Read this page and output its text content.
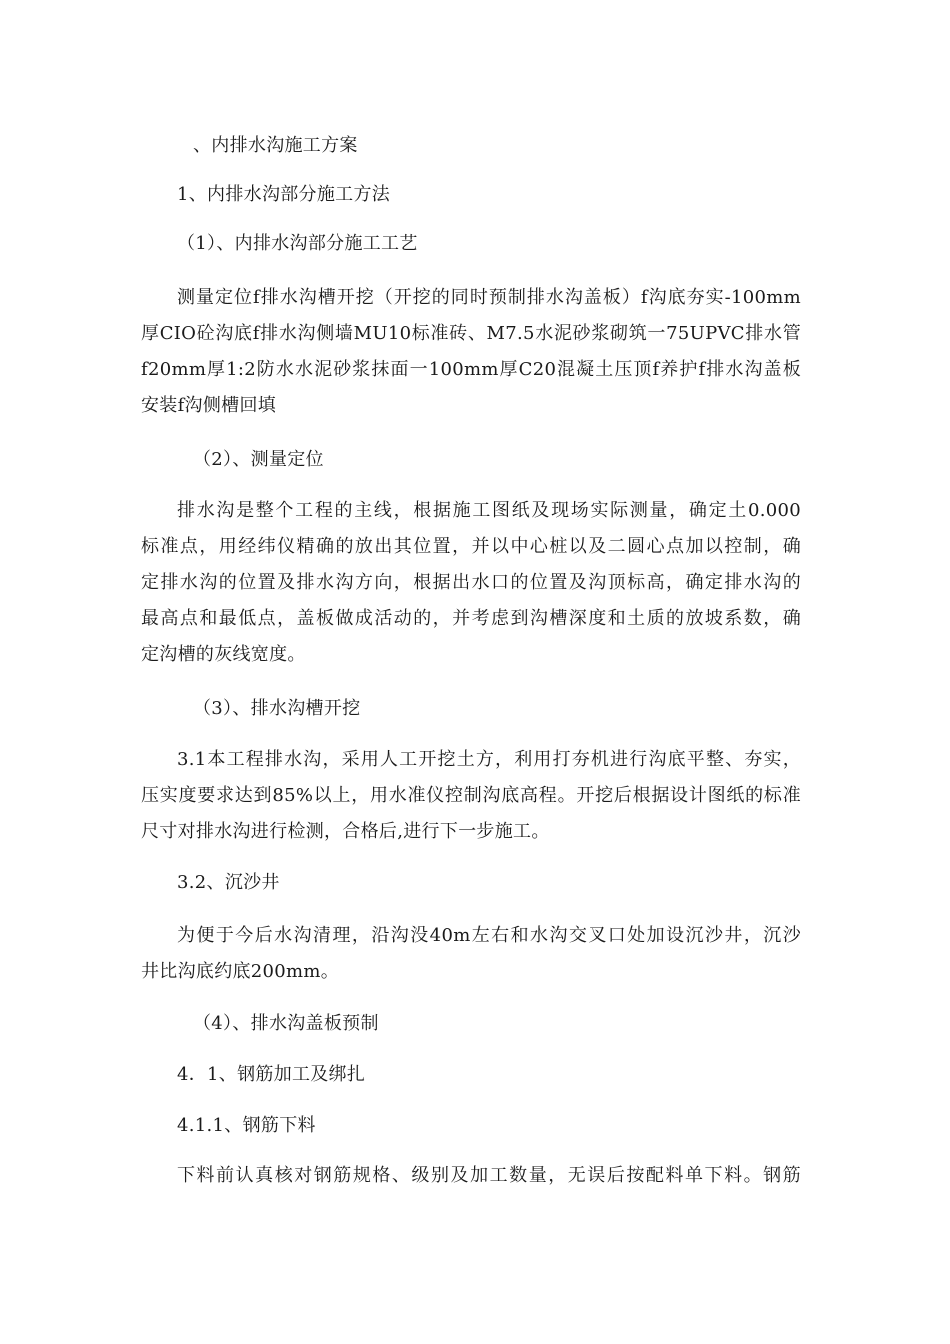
、内排水沟施工方案
1、内排水沟部分施工方法
（1）、内排水沟部分施工工艺
测量定位f排水沟槽开挖（开挖的同时预制排水沟盖板）f沟底夯实-100mm
厚CIO砼沟底f排水沟侧墙MU10标准砖、M7.5水泥砂浆砌筑一75UPVC排水管
f20mm厚1:2防水水泥砂浆抹面一100mm厚C20混凝土压顶f养护f排水沟盖板
安装f沟侧槽回填
（2）、测量定位
排水沟是整个工程的主线，根据施工图纸及现场实际测量，确定土0.000
标准点，用经纬仪精确的放出其位置，并以中心桩以及二圆心点加以控制，确
定排水沟的位置及排水沟方向，根据出水口的位置及沟顶标高，确定排水沟的
最高点和最低点，盖板做成活动的，并考虑到沟槽深度和土质的放坡系数，确
定沟槽的灰线宽度。
（3）、排水沟槽开挖
3.1本工程排水沟，采用人工开挖土方，利用打夯机进行沟底平整、夯实，
压实度要求达到85%以上，用水准仪控制沟底高程。开挖后根据设计图纸的标准
尺寸对排水沟进行检测，合格后,进行下一步施工。
3.2、沉沙井
为便于今后水沟清理，沿沟没40m左右和水沟交叉口处加设沉沙井，沉沙
井比沟底约底200mm。
（4）、排水沟盖板预制
4．1、钢筋加工及绑扎
4.1.1、钢筋下料
下料前认真核对钢筋规格、级别及加工数量，无误后按配料单下料。钢筋
